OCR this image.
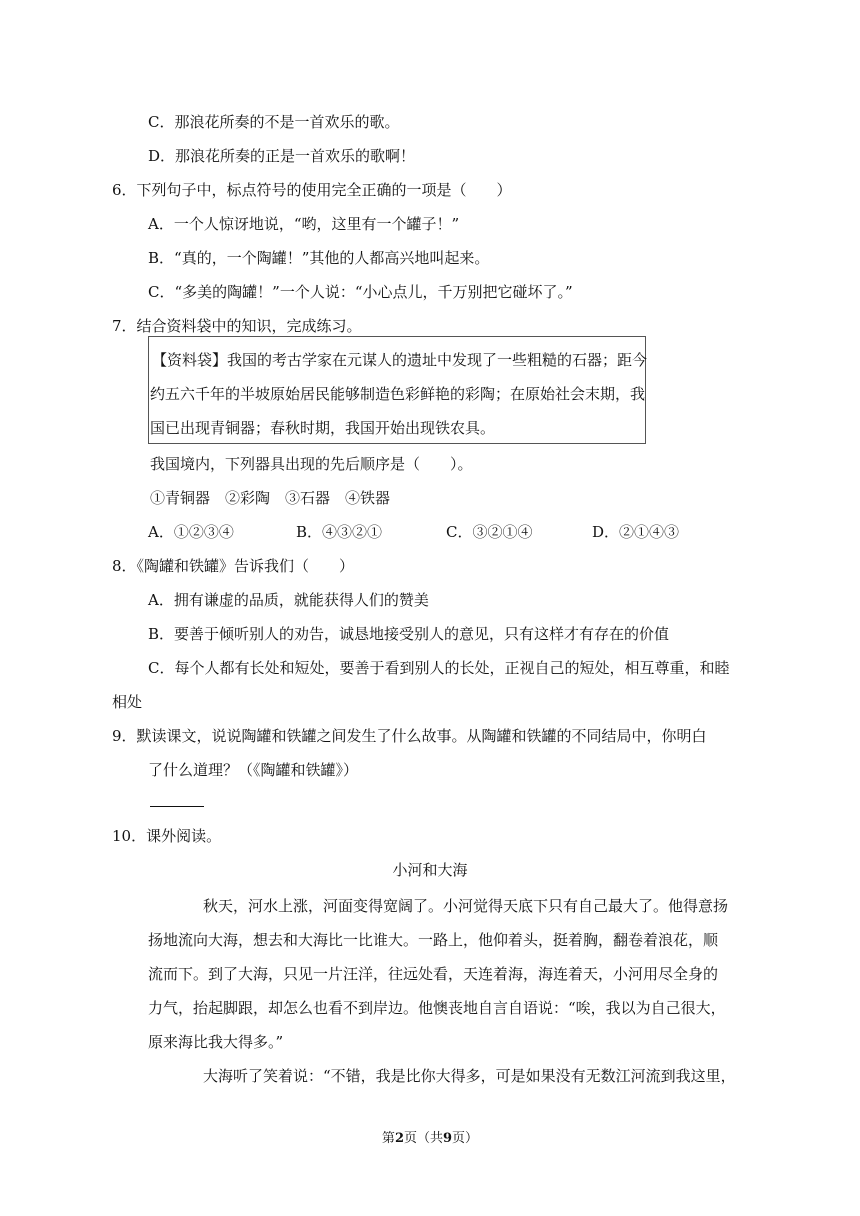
C．那浪花所奏的不是一首欢乐的歌。
D．那浪花所奏的正是一首欢乐的歌啊！
6．下列句子中，标点符号的使用完全正确的一项是（　　）
A．一个人惊讶地说，“哟，这里有一个罐子！”
B．“真的，一个陶罐！”其他的人都高兴地叫起来。
C．“多美的陶罐！”一个人说：“小心点儿，千万别把它碰坏了。”
7．结合资料袋中的知识，完成练习。
【资料袋】我国的考古学家在元谋人的遗址中发现了一些粗糙的石器；距今
约五六千年的半坡原始居民能够制造色彩鲜艳的彩陶；在原始社会末期，我
国已出现青铜器；春秋时期，我国开始出现铁农具。
我国境内，下列器具出现的先后顺序是（　　）。
①青铜器　②彩陶　③石器　④铁器
A．①②③④	B．④③②①	C．③②①④	D．②①④③
8．《陶罐和铁罐》告诉我们（　　）
A．拥有谦虚的品质，就能获得人们的赞美
B．要善于倾听别人的劝告，诚恳地接受别人的意见，只有这样才有存在的价值
C．每个人都有长处和短处，要善于看到别人的长处，正视自己的短处，相互尊重，和睦
相处
9．默读课文，说说陶罐和铁罐之间发生了什么故事。从陶罐和铁罐的不同结局中，你明白
了什么道理？（《陶罐和铁罐》）
10．课外阅读。
小河和大海
秋天，河水上涨，河面变得宽阔了。小河觉得天底下只有自己最大了。他得意扬
扬地流向大海，想去和大海比一比谁大。一路上，他仰着头，挺着胸，翻卷着浪花，顺
流而下。到了大海，只见一片汪洋，往远处看，天连着海，海连着天，小河用尽全身的
力气，抬起脚跟，却怎么也看不到岸边。他懊丧地自言自语说：“唉，我以为自己很大，
原来海比我大得多。”
大海听了笑着说：“不错，我是比你大得多，可是如果没有无数江河流到我这里，
第2页（共9页）
